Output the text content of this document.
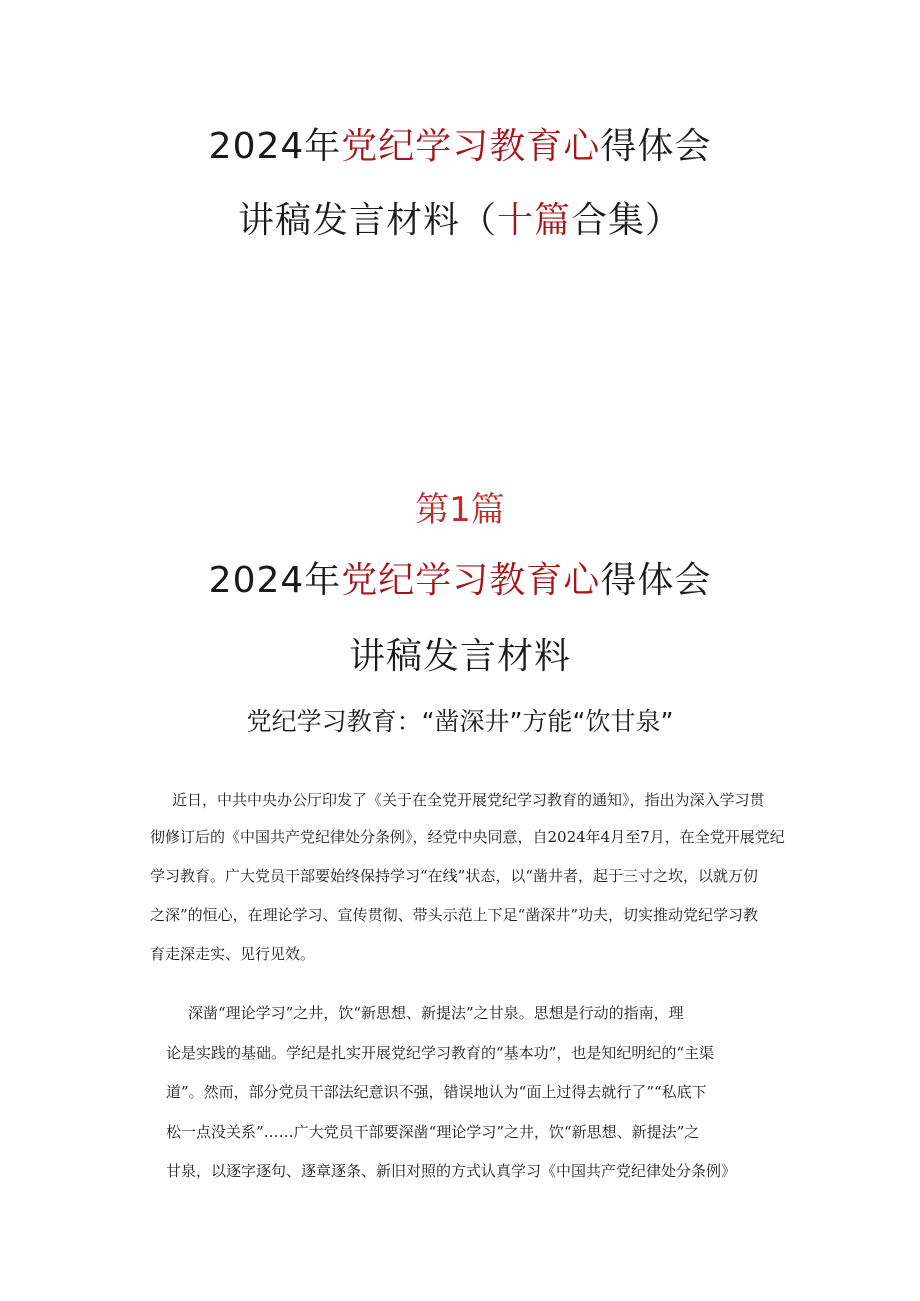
2024年党纪学习教育心得体会
讲稿发言材料（十篇合集）
第1篇
2024年党纪学习教育心得体会
讲稿发言材料
党纪学习教育：“凿深井”方能“饮甘泉”
近日，中共中央办公厅印发了《关于在全党开展党纪学习教育的通知》，指出为深入学习贯
彻修订后的《中国共产党纪律处分条例》，经党中央同意，自2024年4月至7月，在全党开展党纪
学习教育。广大党员干部要始终保持学习“在线”状态，以“凿井者，起于三寸之坎，以就万仞
之深”的恒心，在理论学习、宣传贯彻、带头示范上下足“凿深井”功夫，切实推动党纪学习教
育走深走实、见行见效。
深凿“理论学习”之井，饮“新思想、新提法”之甘泉。思想是行动的指南，理
论是实践的基础。学纪是扎实开展党纪学习教育的“基本功”，也是知纪明纪的“主渠
道”。然而，部分党员干部法纪意识不强，错误地认为“面上过得去就行了”“私底下
松一点没关系”……广大党员干部要深凿“理论学习”之井，饮“新思想、新提法”之
甘泉，以逐字逐句、逐章逐条、新旧对照的方式认真学习《中国共产党纪律处分条例》
